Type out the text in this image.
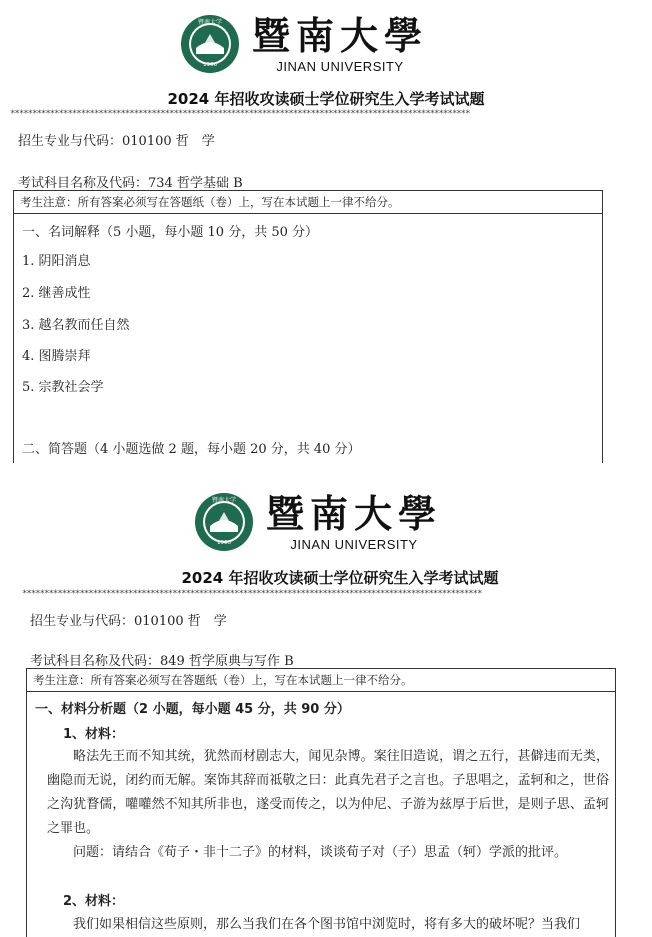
1906
暨南大学 暨南大學
JINAN UNIVERSITY
2024 年招收攻读硕士学位研究生入学考试试题
********************************************************************************************************
招生专业与代码：010100 哲　学
考试科目名称及代码：734 哲学基础 B
考生注意：所有答案必须写在答题纸（卷）上，写在本试题上一律不给分。
一、名词解释（5 小题，每小题 10 分，共 50 分）
1. 阴阳消息
2. 继善成性
3. 越名教而任自然
4. 图腾崇拜
5. 宗教社会学
二、简答题（4 小题选做 2 题，每小题 20 分，共 40 分）
1906
暨南大学 暨南大學
JINAN UNIVERSITY
2024 年招收攻读硕士学位研究生入学考试试题
********************************************************************************************************
招生专业与代码：010100 哲　学
考试科目名称及代码：849 哲学原典与写作 B
考生注意：所有答案必须写在答题纸（卷）上，写在本试题上一律不给分。
一、材料分析题（2 小题，每小题 45 分，共 90 分）
1、材料：
略法先王而不知其统，犹然而材剧志大，闻见杂博。案往旧造说，谓之五行，甚僻违而无类，幽隐而无说，闭约而无解。案饰其辞而祗敬之曰：此真先君子之言也。子思唱之，孟轲和之，世俗之沟犹瞀儒，嚾嚾然不知其所非也，遂受而传之，以为仲尼、子游为兹厚于后世，是则子思、孟轲之罪也。
问题：请结合《荀子・非十二子》的材料，谈谈荀子对（子）思孟（轲）学派的批评。
2、材料：
我们如果相信这些原则，那么当我们在各个图书馆中浏览时，将有多大的破坏呢？当我们
